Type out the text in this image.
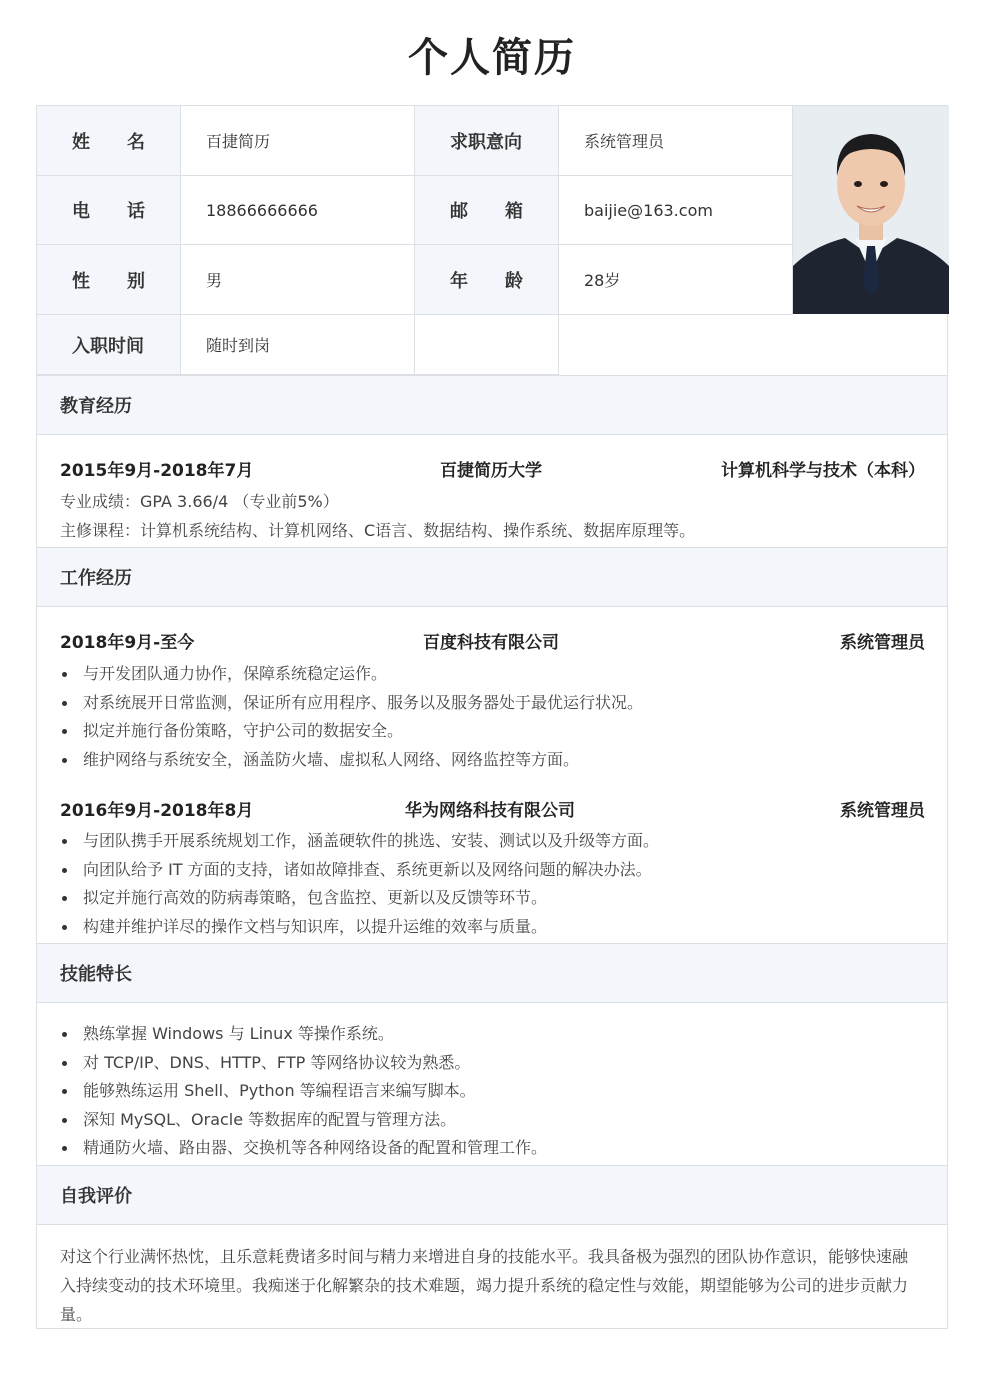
个人简历
姓 名	百捷简历	求职意向	系统管理员
电 话	18866666666	邮 箱	baijie@163.com
性 别	男	年 龄	28岁
入职时间	随时到岗
教育经历
2015年9月-2018年7月	百捷简历大学	计算机科学与技术（本科）
专业成绩：GPA 3.66/4 （专业前5%）
主修课程：计算机系统结构、计算机网络、C语言、数据结构、操作系统、数据库原理等。
工作经历
2018年9月-至今	百度科技有限公司	系统管理员
与开发团队通力协作，保障系统稳定运作。
对系统展开日常监测，保证所有应用程序、服务以及服务器处于最优运行状况。
拟定并施行备份策略，守护公司的数据安全。
维护网络与系统安全，涵盖防火墙、虚拟私人网络、网络监控等方面。
2016年9月-2018年8月	华为网络科技有限公司	系统管理员
与团队携手开展系统规划工作，涵盖硬软件的挑选、安装、测试以及升级等方面。
向团队给予 IT 方面的支持，诸如故障排查、系统更新以及网络问题的解决办法。
拟定并施行高效的防病毒策略，包含监控、更新以及反馈等环节。
构建并维护详尽的操作文档与知识库，以提升运维的效率与质量。
技能特长
熟练掌握 Windows 与 Linux 等操作系统。
对 TCP/IP、DNS、HTTP、FTP 等网络协议较为熟悉。
能够熟练运用 Shell、Python 等编程语言来编写脚本。
深知 MySQL、Oracle 等数据库的配置与管理方法。
精通防火墙、路由器、交换机等各种网络设备的配置和管理工作。
自我评价
对这个行业满怀热忱，且乐意耗费诸多时间与精力来增进自身的技能水平。我具备极为强烈的团队协作意识，能够快速融入持续变动的技术环境里。我痴迷于化解繁杂的技术难题，竭力提升系统的稳定性与效能，期望能够为公司的进步贡献力量。
